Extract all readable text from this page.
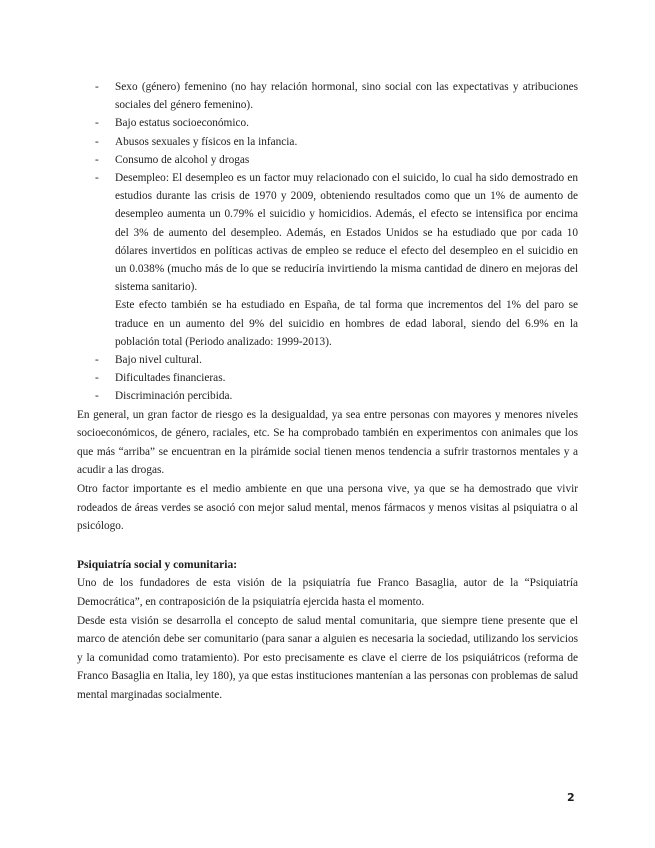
- Sexo (género) femenino (no hay relación hormonal, sino social con las expectativas y atribuciones sociales del género femenino).

- Bajo estatus socioeconómico.

- Abusos sexuales y físicos en la infancia.

- Consumo de alcohol y drogas

- Desempleo: El desempleo es un factor muy relacionado con el suicido, lo cual ha sido demostrado en estudios durante las crisis de 1970 y 2009, obteniendo resultados como que un 1% de aumento de desempleo aumenta un 0.79% el suicidio y homicidios. Además, el efecto se intensifica por encima del 3% de aumento del desempleo. Además, en Estados Unidos se ha estudiado que por cada 10 dólares invertidos en políticas activas de empleo se reduce el efecto del desempleo en el suicidio en un 0.038% (mucho más de lo que se reduciría invirtiendo la misma cantidad de dinero en mejoras del sistema sanitario).

Este efecto también se ha estudiado en España, de tal forma que incrementos del 1% del paro se traduce en un aumento del 9% del suicidio en hombres de edad laboral, siendo del 6.9% en la población total (Periodo analizado: 1999-2013).

- Bajo nivel cultural.

- Dificultades financieras.

- Discriminación percibida.

En general, un gran factor de riesgo es la desigualdad, ya sea entre personas con mayores y menores niveles socioeconómicos, de género, raciales, etc. Se ha comprobado también en experimentos con animales que los que más “arriba” se encuentran en la pirámide social tienen menos tendencia a sufrir trastornos mentales y a acudir a las drogas.

Otro factor importante es el medio ambiente en que una persona vive, ya que se ha demostrado que vivir rodeados de áreas verdes se asoció con mejor salud mental, menos fármacos y menos visitas al psiquiatra o al psicólogo.

Psiquiatría social y comunitaria:

Uno de los fundadores de esta visión de la psiquiatría fue Franco Basaglia, autor de la “Psiquiatría Democrática”, en contraposición de la psiquiatría ejercida hasta el momento.

Desde esta visión se desarrolla el concepto de salud mental comunitaria, que siempre tiene presente que el marco de atención debe ser comunitario (para sanar a alguien es necesaria la sociedad, utilizando los servicios y la comunidad como tratamiento). Por esto precisamente es clave el cierre de los psiquiátricos (reforma de Franco Basaglia en Italia, ley 180), ya que estas instituciones mantenían a las personas con problemas de salud mental marginadas socialmente.

2
